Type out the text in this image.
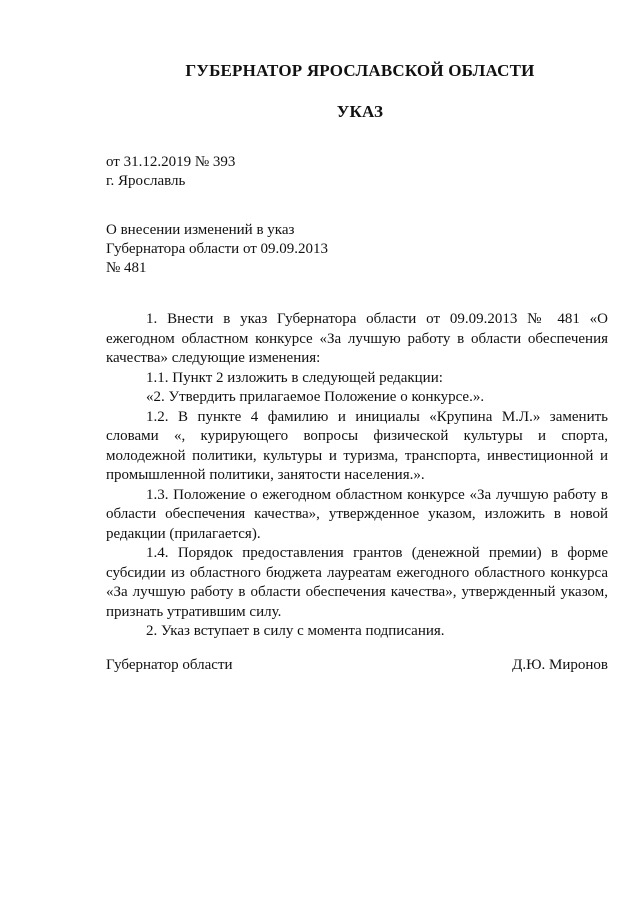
ГУБЕРНАТОР ЯРОСЛАВСКОЙ ОБЛАСТИ
УКАЗ
от 31.12.2019 № 393
г. Ярославль
О внесении изменений в указ
Губернатора области от 09.09.2013
№ 481

1. Внести в указ Губернатора области от 09.09.2013 № 481 «О ежегодном областном конкурсе «За лучшую работу в области обеспечения качества» следующие изменения:

1.1. Пункт 2 изложить в следующей редакции:

«2. Утвердить прилагаемое Положение о конкурсе.».

1.2. В пункте 4 фамилию и инициалы «Крупина М.Л.» заменить словами «, курирующего вопросы физической культуры и спорта, молодежной политики, культуры и туризма, транспорта, инвестиционной и промышленной политики, занятости населения.».

1.3. Положение о ежегодном областном конкурсе «За лучшую работу в области обеспечения качества», утвержденное указом, изложить в новой редакции (прилагается).

1.4. Порядок предоставления грантов (денежной премии) в форме субсидии из областного бюджета лауреатам ежегодного областного конкурса «За лучшую работу в области обеспечения качества», утвержденный указом, признать утратившим силу.

2. Указ вступает в силу с момента подписания.

Губернатор области	Д.Ю. Миронов
